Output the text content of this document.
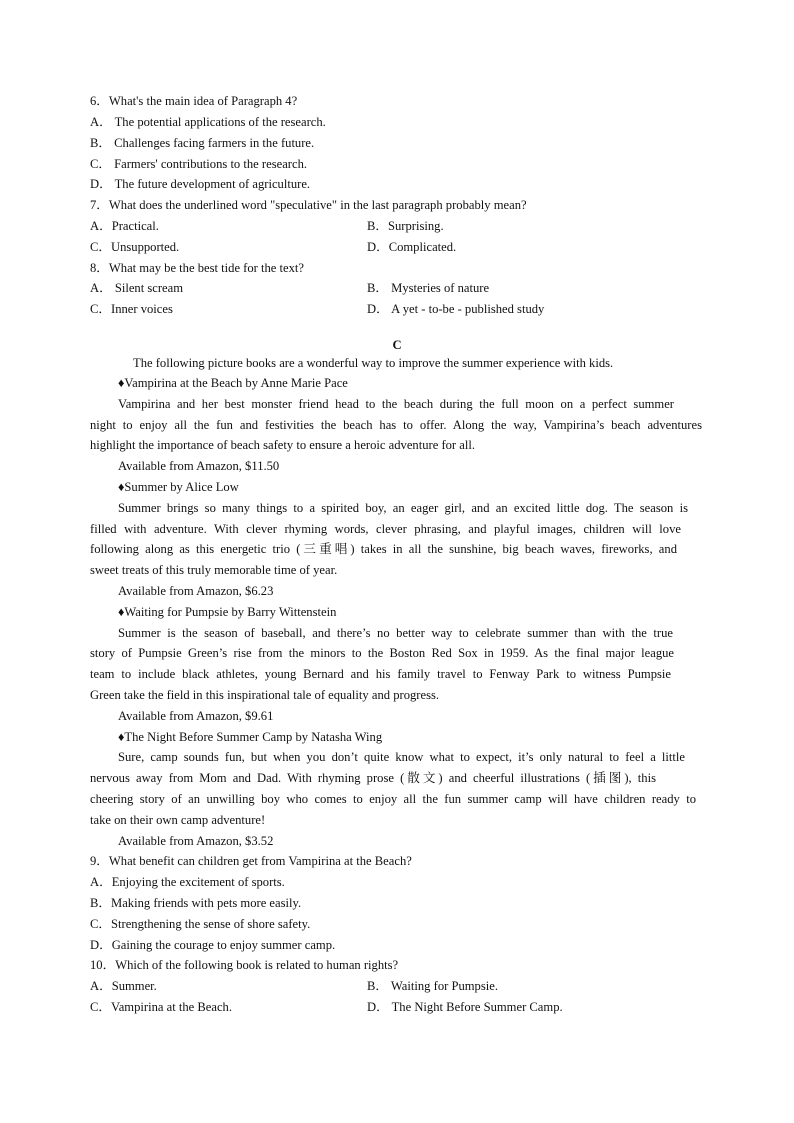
6．What's the main idea of Paragraph 4?
A． The potential applications of the research.
B． Challenges facing farmers in the future.
C． Farmers' contributions to the research.
D． The future development of agriculture.
7．What does the underlined word "speculative" in the last paragraph probably mean?
A．Practical.	B．Surprising.
C．Unsupported.	D．Complicated.
8．What may be the best tide for the text?
A． Silent scream	B． Mysteries of nature
C．Inner voices	D． A yet - to-be - published study
C
The following picture books are a wonderful way to improve the summer experience with kids.
♦Vampirina at the Beach by Anne Marie Pace
Vampirina and her best monster friend head to the beach during the full moon on a perfect summer
night to enjoy all the fun and festivities the beach has to offer. Along the way, Vampirina’s beach adventures
highlight the importance of beach safety to ensure a heroic adventure for all.
Available from Amazon, $11.50
♦Summer by Alice Low
Summer brings so many things to a spirited boy, an eager girl, and an excited little dog. The season is
filled with adventure. With clever rhyming words, clever phrasing, and playful images, children will love
following along as this energetic trio (三重唱) takes in all the sunshine, big beach waves, fireworks, and
sweet treats of this truly memorable time of year.
Available from Amazon, $6.23
♦Waiting for Pumpsie by Barry Wittenstein
Summer is the season of baseball, and there’s no better way to celebrate summer than with the true
story of Pumpsie Green’s rise from the minors to the Boston Red Sox in 1959. As the final major league
team to include black athletes, young Bernard and his family travel to Fenway Park to witness Pumpsie
Green take the field in this inspirational tale of equality and progress.
Available from Amazon, $9.61
♦The Night Before Summer Camp by Natasha Wing
Sure, camp sounds fun, but when you don’t quite know what to expect, it’s only natural to feel a little
nervous away from Mom and Dad. With rhyming prose (散文) and cheerful illustrations (插图), this
cheering story of an unwilling boy who comes to enjoy all the fun summer camp will have children ready to
take on their own camp adventure!
Available from Amazon, $3.52
9．What benefit can children get from Vampirina at the Beach?
A．Enjoying the excitement of sports.
B．Making friends with pets more easily.
C．Strengthening the sense of shore safety.
D．Gaining the courage to enjoy summer camp.
10．Which of the following book is related to human rights?
A．Summer.	B． Waiting for Pumpsie.
C．Vampirina at the Beach.	D． The Night Before Summer Camp.
